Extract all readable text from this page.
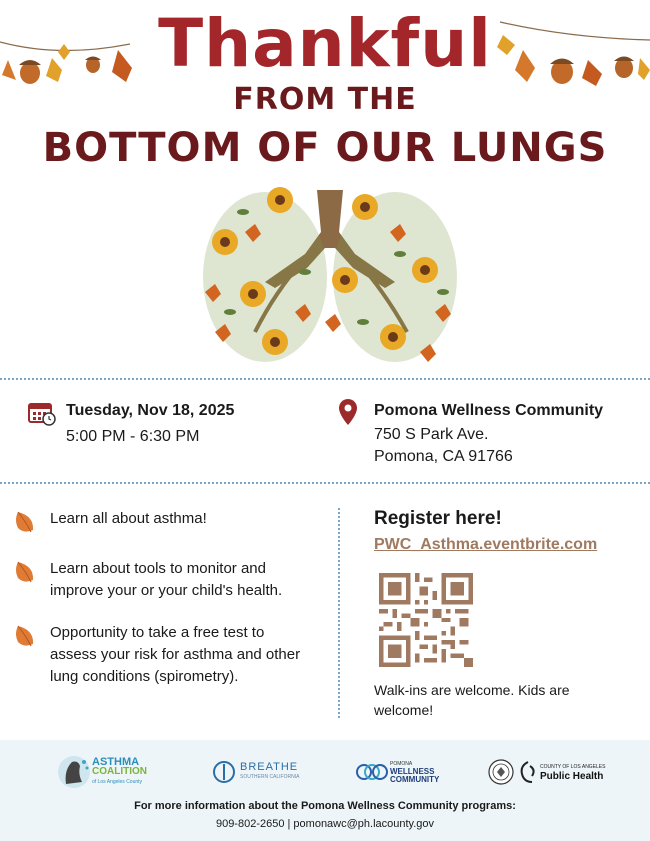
Thankful
FROM THE
BOTTOM OF OUR LUNGS
Tuesday, Nov 18, 2025
5:00 PM - 6:30 PM
Pomona Wellness Community
750 S Park Ave.
Pomona, CA 91766
Learn all about asthma!
Learn about tools to monitor and
improve your or your child's health.
Opportunity to take a free test to
assess your risk for asthma and other
lung conditions (spirometry).
Register here!
PWC_Asthma.eventbrite.com
Walk-ins are welcome. Kids are
welcome!
ASTHMA
COALITION
of Los Angeles County
BREATHE
SOUTHERN CALIFORNIA
POMONA
WELLNESS
COMMUNITY
COUNTY OF LOS ANGELES
Public Health
For more information about the Pomona Wellness Community programs:
909-802-2650 | pomonawc@ph.lacounty.gov
